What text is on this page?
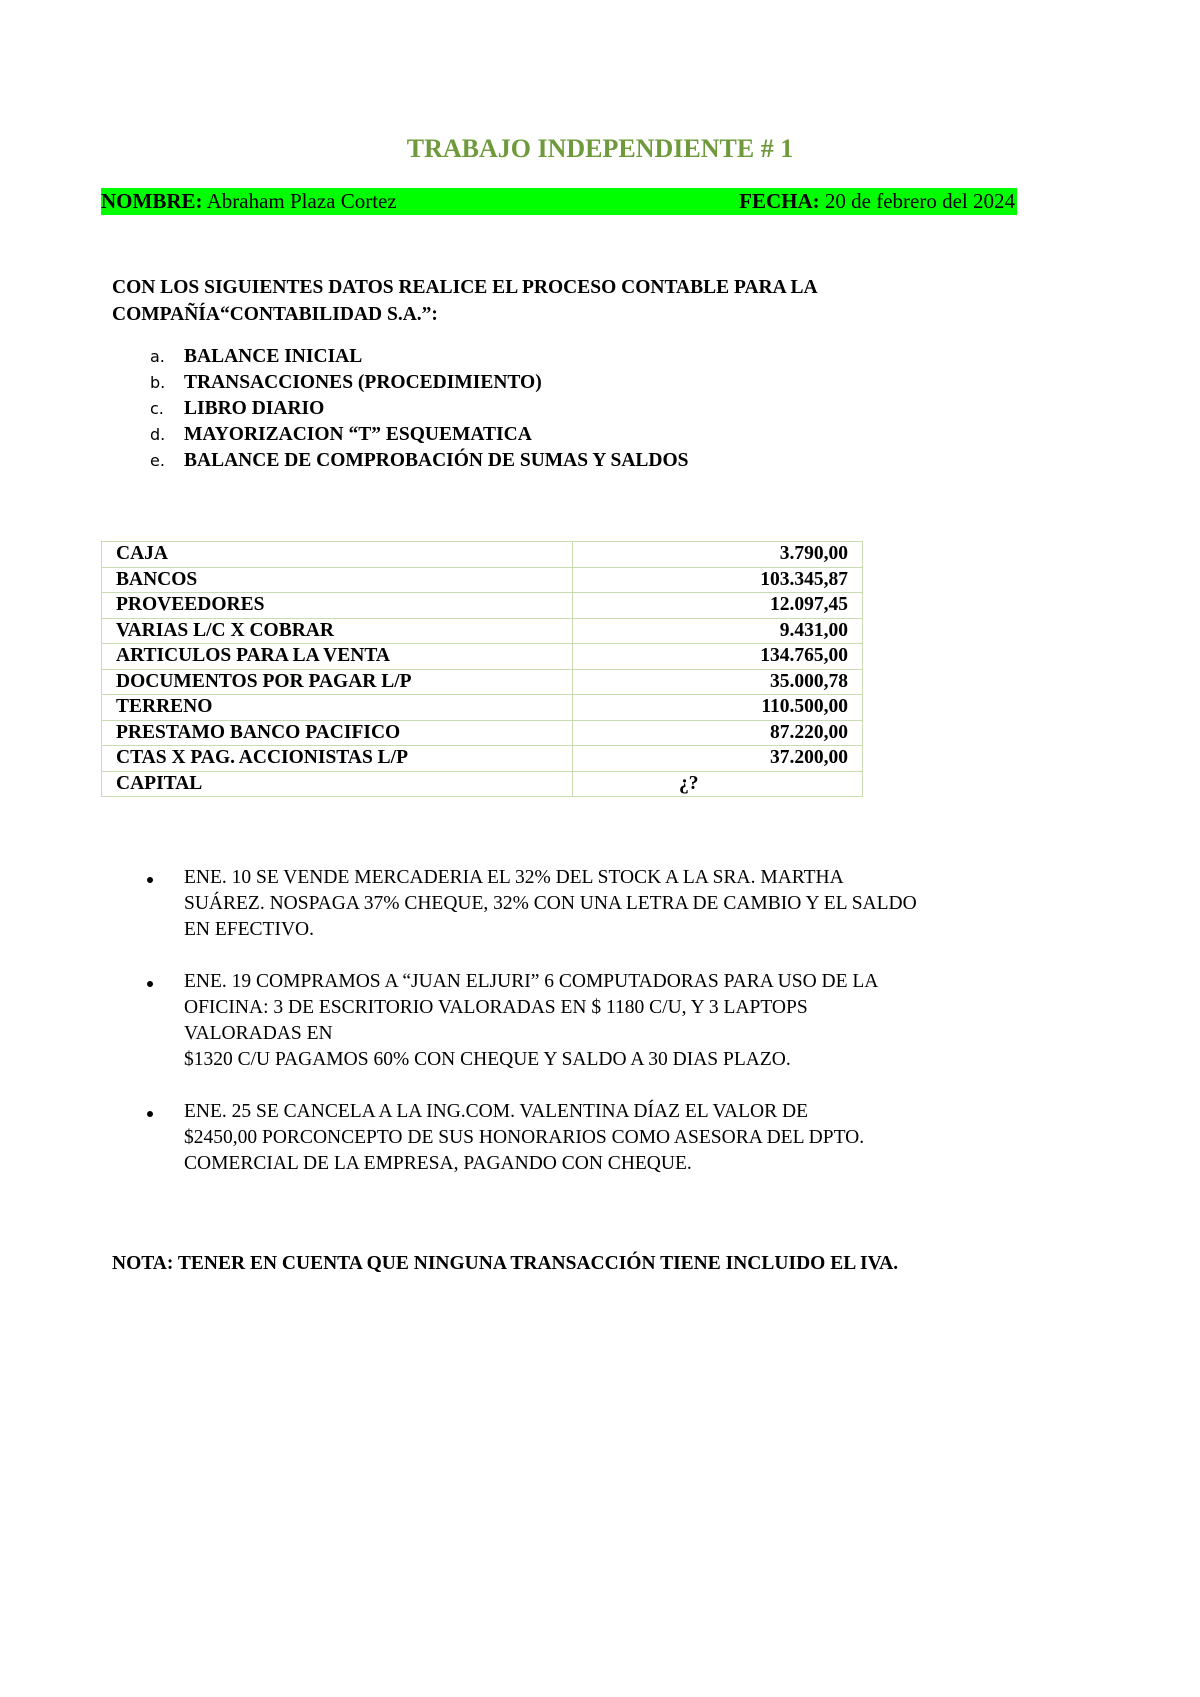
TRABAJO INDEPENDIENTE # 1
NOMBRE: Abraham Plaza Cortez	FECHA: 20 de febrero del 2024
CON LOS SIGUIENTES DATOS REALICE EL PROCESO CONTABLE PARA LA
COMPAÑÍA“CONTABILIDAD S.A.”:
a. BALANCE INICIAL
b. TRANSACCIONES (PROCEDIMIENTO)
c. LIBRO DIARIO
d. MAYORIZACION “T” ESQUEMATICA
e. BALANCE DE COMPROBACIÓN DE SUMAS Y SALDOS
CAJA	3.790,00
BANCOS	103.345,87
PROVEEDORES	12.097,45
VARIAS L/C X COBRAR	9.431,00
ARTICULOS PARA LA VENTA	134.765,00
DOCUMENTOS POR PAGAR L/P	35.000,78
TERRENO	110.500,00
PRESTAMO BANCO PACIFICO	87.220,00
CTAS X PAG. ACCIONISTAS L/P	37.200,00
CAPITAL	¿?
ENE. 10 SE VENDE MERCADERIA EL 32% DEL STOCK A LA SRA. MARTHA
SUÁREZ. NOSPAGA 37% CHEQUE, 32% CON UNA LETRA DE CAMBIO Y EL SALDO
EN EFECTIVO.
ENE. 19 COMPRAMOS A “JUAN ELJURI” 6 COMPUTADORAS PARA USO DE LA
OFICINA: 3 DE ESCRITORIO VALORADAS EN $ 1180 C/U, Y 3 LAPTOPS
VALORADAS EN
$1320 C/U PAGAMOS 60% CON CHEQUE Y SALDO A 30 DIAS PLAZO.
ENE. 25 SE CANCELA A LA ING.COM. VALENTINA DÍAZ EL VALOR DE
$2450,00 PORCONCEPTO DE SUS HONORARIOS COMO ASESORA DEL DPTO.
COMERCIAL DE LA EMPRESA, PAGANDO CON CHEQUE.
NOTA: TENER EN CUENTA QUE NINGUNA TRANSACCIÓN TIENE INCLUIDO EL IVA.
